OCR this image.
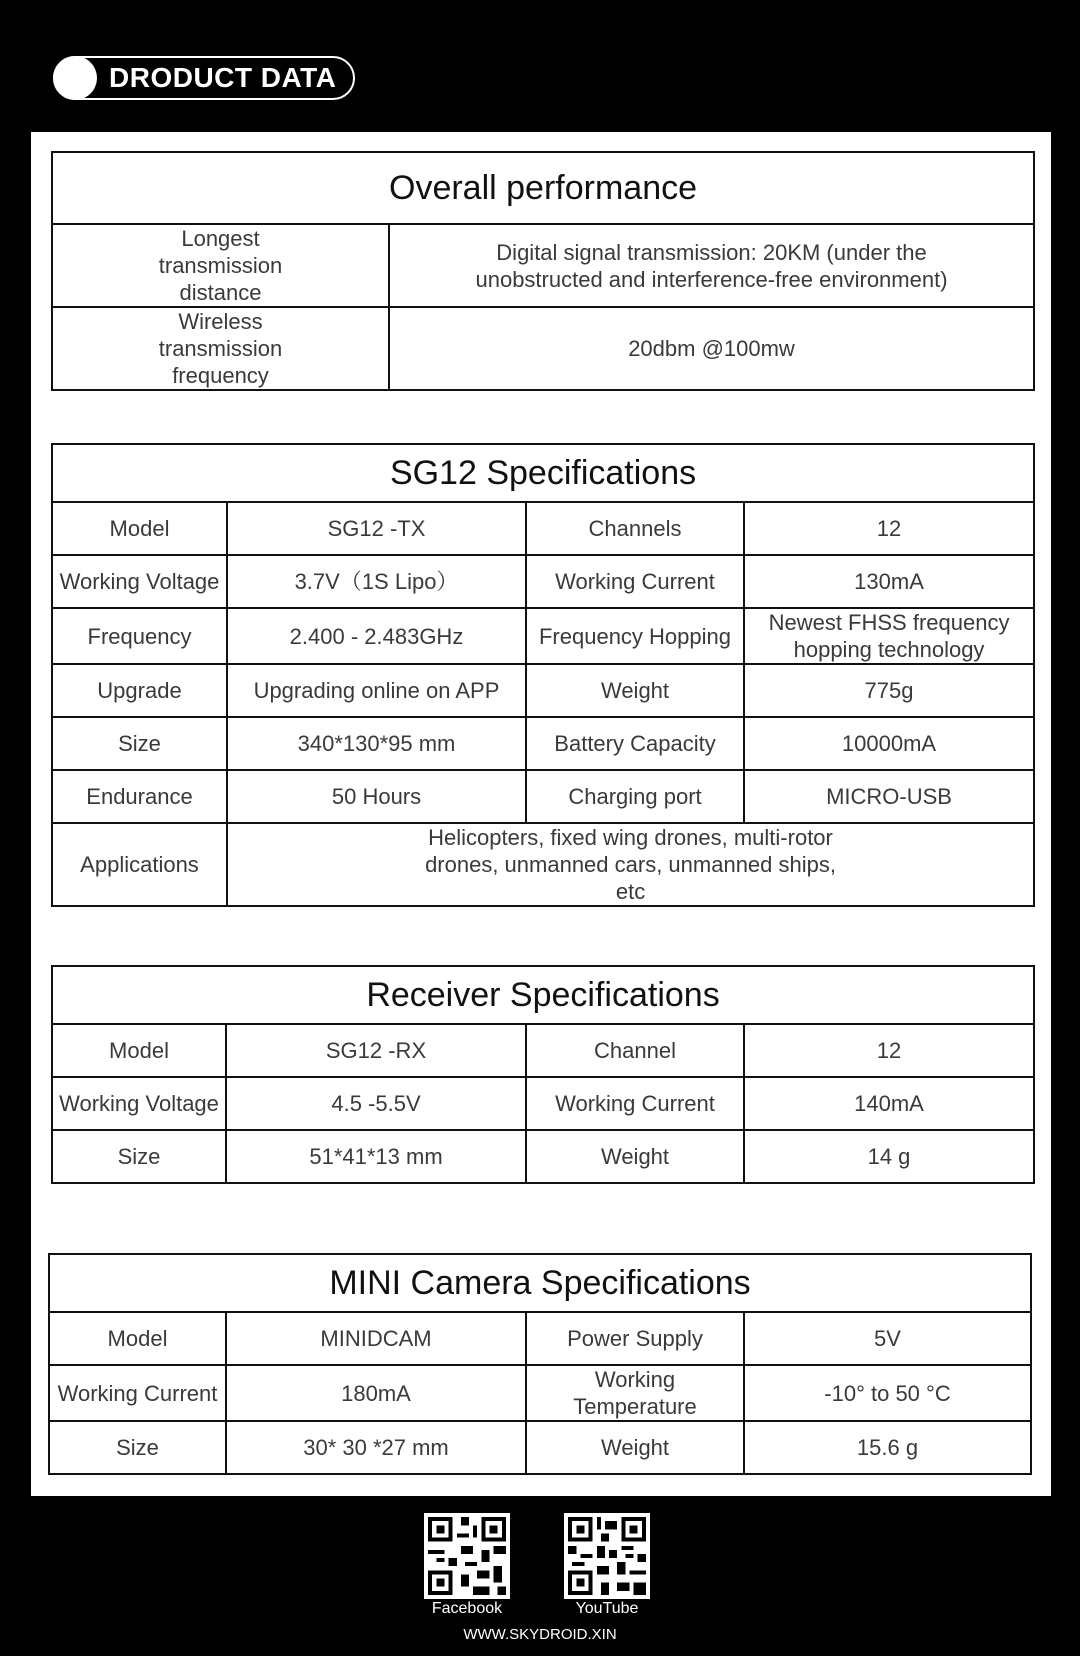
DRODUCT DATA
Overall performance	
Longest transmission distance	Digital signal transmission: 20KM (under the unobstructed and interference-free environment)
Wireless transmission frequency	20dbm @100mw
SG12 Specifications			
Model	SG12 -TX	Channels	12
Working Voltage	3.7V（1S Lipo）	Working Current	130mA
Frequency	2.400 - 2.483GHz	Frequency Hopping	Newest FHSS frequency hopping technology
Upgrade	Upgrading online on APP	Weight	775g
Size	340*130*95 mm	Battery Capacity	10000mA
Endurance	50 Hours	Charging port	MICRO-USB
Applications	Helicopters, fixed wing drones, multi-rotor drones, unmanned cars, unmanned ships, etc		
Receiver Specifications			
Model	SG12 -RX	Channel	12
Working Voltage	4.5 -5.5V	Working Current	140mA
Size	51*41*13 mm	Weight	14 g
MINI Camera Specifications			
Model	MINIDCAM	Power Supply	5V
Working Current	180mA	Working Temperature	-10° to 50 °C
Size	30* 30 *27 mm	Weight	15.6 g
Facebook	YouTube
WWW.SKYDROID.XIN
